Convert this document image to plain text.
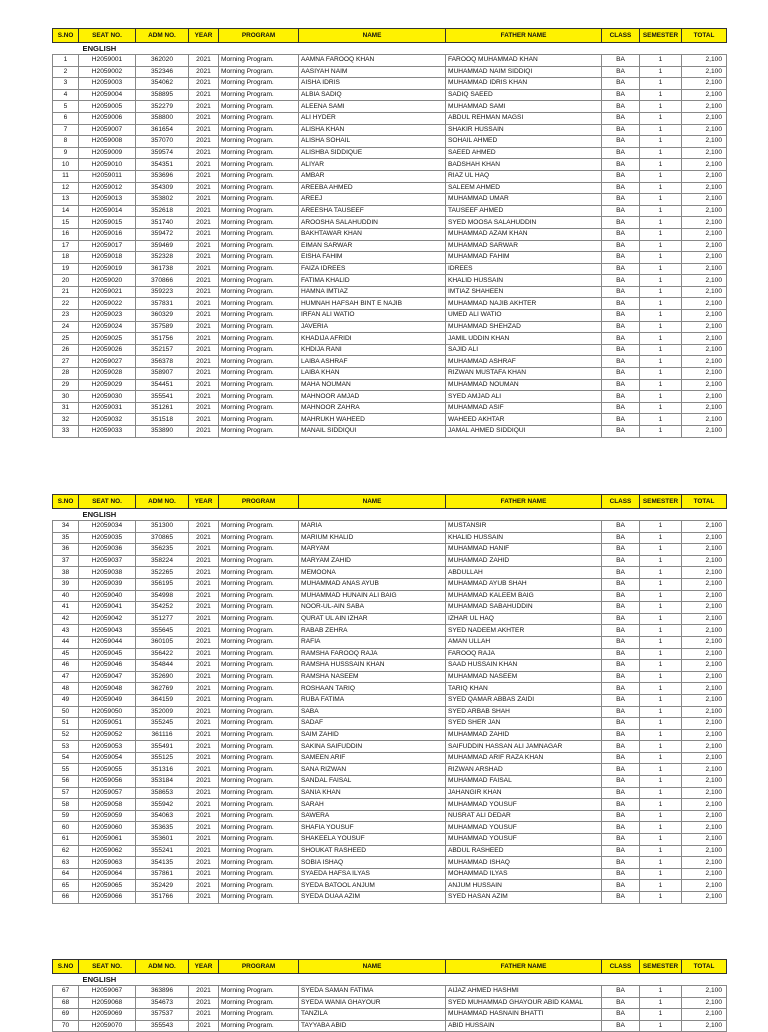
S.NO	SEAT NO.	ADM NO.	YEAR	PROGRAM	NAME	FATHER NAME	CLASS	SEMESTER	TOTAL
	ENGLISH								
1	H2059001	362020	2021	Morning Program.	AAMNA FAROOQ KHAN	FAROOQ MUHAMMAD KHAN	BA	1	2,100
2	H2059002	352346	2021	Morning Program.	AASIYAH NAIM	MUHAMMAD NAIM SIDDIQI	BA	1	2,100
3	H2059003	354062	2021	Morning Program.	AISHA IDRIS	MUHAMMAD IDRIS KHAN	BA	1	2,100
4	H2059004	358895	2021	Morning Program.	ALBIA SADIQ	SADIQ SAEED	BA	1	2,100
5	H2059005	352279	2021	Morning Program.	ALEENA SAMI	MUHAMMAD SAMI	BA	1	2,100
6	H2059006	358800	2021	Morning Program.	ALI HYDER	ABDUL REHMAN MAGSI	BA	1	2,100
7	H2059007	361654	2021	Morning Program.	ALISHA KHAN	SHAKIR HUSSAIN	BA	1	2,100
8	H2059008	357070	2021	Morning Program.	ALISHA SOHAIL	SOHAIL AHMED	BA	1	2,100
9	H2059009	359574	2021	Morning Program.	ALISHBA SIDDIQUE	SAEED AHMED	BA	1	2,100
10	H2059010	354351	2021	Morning Program.	ALIYAR	BADSHAH KHAN	BA	1	2,100
11	H2059011	353696	2021	Morning Program.	AMBAR	RIAZ UL HAQ	BA	1	2,100
12	H2059012	354309	2021	Morning Program.	AREEBA AHMED	SALEEM AHMED	BA	1	2,100
13	H2059013	353802	2021	Morning Program.	AREEJ	MUHAMMAD UMAR	BA	1	2,100
14	H2059014	352618	2021	Morning Program.	AREESHA TAUSEEF	TAUSEEF AHMED	BA	1	2,100
15	H2059015	351740	2021	Morning Program.	AROOSHA SALAHUDDIN	SYED MOOSA SALAHUDDIN	BA	1	2,100
16	H2059016	359472	2021	Morning Program.	BAKHTAWAR KHAN	MUHAMMAD AZAM KHAN	BA	1	2,100
17	H2059017	359469	2021	Morning Program.	EIMAN SARWAR	MUHAMMAD SARWAR	BA	1	2,100
18	H2059018	352328	2021	Morning Program.	EISHA FAHIM	MUHAMMAD FAHIM	BA	1	2,100
19	H2059019	361738	2021	Morning Program.	FAIZA IDREES	IDREES	BA	1	2,100
20	H2059020	370866	2021	Morning Program.	FATIMA KHALID	KHALID HUSSAIN	BA	1	2,100
21	H2059021	359223	2021	Morning Program.	HAMNA IMTIAZ	IMTIAZ SHAHEEN	BA	1	2,100
22	H2059022	357831	2021	Morning Program.	HUMNAH HAFSAH BINT E NAJIB	MUHAMMAD NAJIB AKHTER	BA	1	2,100
23	H2059023	360329	2021	Morning Program.	IRFAN ALI WATIO	UMED ALI WATIO	BA	1	2,100
24	H2059024	357589	2021	Morning Program.	JAVERIA	MUHAMMAD SHEHZAD	BA	1	2,100
25	H2059025	351756	2021	Morning Program.	KHADIJA AFRIDI	JAMIL UDDIN KHAN	BA	1	2,100
26	H2059026	352157	2021	Morning Program.	KHDIJA RANI	SAJID ALI	BA	1	2,100
27	H2059027	356378	2021	Morning Program.	LAIBA ASHRAF	MUHAMMAD ASHRAF	BA	1	2,100
28	H2059028	358907	2021	Morning Program.	LAIBA KHAN	RIZWAN MUSTAFA KHAN	BA	1	2,100
29	H2059029	354451	2021	Morning Program.	MAHA NOUMAN	MUHAMMAD NOUMAN	BA	1	2,100
30	H2059030	355541	2021	Morning Program.	MAHNOOR AMJAD	SYED AMJAD ALI	BA	1	2,100
31	H2059031	351261	2021	Morning Program.	MAHNOOR ZAHRA	MUHAMMAD ASIF	BA	1	2,100
32	H2059032	351518	2021	Morning Program.	MAHRUKH WAHEED	WAHEED AKHTAR	BA	1	2,100
33	H2059033	353890	2021	Morning Program.	MANAIL SIDDIQUI	JAMAL AHMED SIDDIQUI	BA	1	2,100
S.NO	SEAT NO.	ADM NO.	YEAR	PROGRAM	NAME	FATHER NAME	CLASS	SEMESTER	TOTAL
	ENGLISH								
34	H2059034	351300	2021	Morning Program.	MARIA	MUSTANSIR	BA	1	2,100
35	H2059035	370865	2021	Morning Program.	MARIUM KHALID	KHALID HUSSAIN	BA	1	2,100
36	H2059036	356235	2021	Morning Program.	MARYAM	MUHAMMAD HANIF	BA	1	2,100
37	H2059037	358224	2021	Morning Program.	MARYAM ZAHID	MUHAMMAD ZAHID	BA	1	2,100
38	H2059038	352265	2021	Morning Program.	MEMOONA	ABDULLAH	BA	1	2,100
39	H2059039	356195	2021	Morning Program.	MUHAMMAD ANAS AYUB	MUHAMMAD AYUB SHAH	BA	1	2,100
40	H2059040	354998	2021	Morning Program.	MUHAMMAD HUNAIN ALI BAIG	MUHAMMAD KALEEM BAIG	BA	1	2,100
41	H2059041	354252	2021	Morning Program.	NOOR-UL-AIN SABA	MUHAMMAD SABAHUDDIN	BA	1	2,100
42	H2059042	351277	2021	Morning Program.	QURAT UL AIN IZHAR	IZHAR UL HAQ	BA	1	2,100
43	H2059043	355645	2021	Morning Program.	RABAB ZEHRA	SYED NADEEM AKHTER	BA	1	2,100
44	H2059044	360105	2021	Morning Program.	RAFIA	AMAN ULLAH	BA	1	2,100
45	H2059045	356422	2021	Morning Program.	RAMSHA FAROOQ RAJA	FAROOQ RAJA	BA	1	2,100
46	H2059046	354844	2021	Morning Program.	RAMSHA HUSSSAIN KHAN	SAAD HUSSAIN KHAN	BA	1	2,100
47	H2059047	352690	2021	Morning Program.	RAMSHA NASEEM	MUHAMMAD NASEEM	BA	1	2,100
48	H2059048	362769	2021	Morning Program.	ROSHAAN TARIQ	TARIQ KHAN	BA	1	2,100
49	H2059049	364159	2021	Morning Program.	RUBA FATIMA	SYED QAMAR ABBAS ZAIDI	BA	1	2,100
50	H2059050	352009	2021	Morning Program.	SABA	SYED ARBAB SHAH	BA	1	2,100
51	H2059051	355245	2021	Morning Program.	SADAF	SYED SHER JAN	BA	1	2,100
52	H2059052	361116	2021	Morning Program.	SAIM ZAHID	MUHAMMAD ZAHID	BA	1	2,100
53	H2059053	355491	2021	Morning Program.	SAKINA SAIFUDDIN	SAIFUDDIN HASSAN ALI JAMNAGAR	BA	1	2,100
54	H2059054	355125	2021	Morning Program.	SAMEEN ARIF	MUHAMMAD ARIF RAZA KHAN	BA	1	2,100
55	H2059055	351316	2021	Morning Program.	SANA RIZWAN	RIZWAN ARSHAD	BA	1	2,100
56	H2059056	353184	2021	Morning Program.	SANDAL FAISAL	MUHAMMAD FAISAL	BA	1	2,100
57	H2059057	358653	2021	Morning Program.	SANIA KHAN	JAHANGIR KHAN	BA	1	2,100
58	H2059058	355942	2021	Morning Program.	SARAH	MUHAMMAD YOUSUF	BA	1	2,100
59	H2059059	354063	2021	Morning Program.	SAWERA	NUSRAT ALI DEDAR	BA	1	2,100
60	H2059060	353635	2021	Morning Program.	SHAFIA YOUSUF	MUHAMMAD YOUSUF	BA	1	2,100
61	H2059061	353601	2021	Morning Program.	SHAKEELA YOUSUF	MUHAMMAD YOUSUF	BA	1	2,100
62	H2059062	355241	2021	Morning Program.	SHOUKAT RASHEED	ABDUL RASHEED	BA	1	2,100
63	H2059063	354135	2021	Morning Program.	SOBIA ISHAQ	MUHAMMAD ISHAQ	BA	1	2,100
64	H2059064	357861	2021	Morning Program.	SYAEDA HAFSA ILYAS	MOHAMMAD ILYAS	BA	1	2,100
65	H2059065	352429	2021	Morning Program.	SYEDA BATOOL ANJUM	ANJUM HUSSAIN	BA	1	2,100
66	H2059066	351766	2021	Morning Program.	SYEDA DUAA AZIM	SYED HASAN AZIM	BA	1	2,100
S.NO	SEAT NO.	ADM NO.	YEAR	PROGRAM	NAME	FATHER NAME	CLASS	SEMESTER	TOTAL
	ENGLISH								
67	H2059067	363896	2021	Morning Program.	SYEDA SAMAN FATIMA	AIJAZ AHMED HASHMI	BA	1	2,100
68	H2059068	354673	2021	Morning Program.	SYEDA WANIA GHAYOUR	SYED MUHAMMAD GHAYOUR ABID KAMAL	BA	1	2,100
69	H2059069	357537	2021	Morning Program.	TANZILA	MUHAMMAD HASNAIN BHATTI	BA	1	2,100
70	H2059070	355543	2021	Morning Program.	TAYYABA ABID	ABID HUSSAIN	BA	1	2,100
